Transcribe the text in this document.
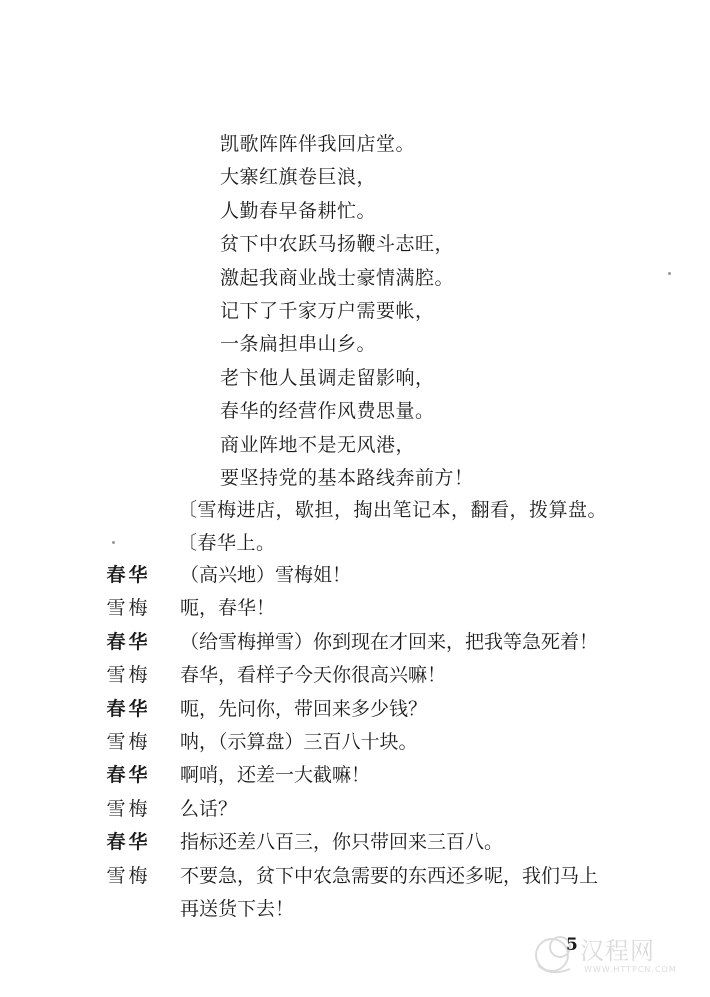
凯歌阵阵伴我回店堂。
大寨红旗卷巨浪，
人勤春早备耕忙。
贫下中农跃马扬鞭斗志旺，
激起我商业战士豪情满腔。
记下了千家万户需要帐，
一条扁担串山乡。
老卞他人虽调走留影响，
春华的经营作风费思量。
商业阵地不是无风港，
要坚持党的基本路线奔前方！
〔雪梅进店，歇担，掏出笔记本，翻看，拨算盘。
〔春华上。
春 华 （高兴地）雪梅姐！
雪 梅 呃，春华！
春 华 （给雪梅掸雪）你到现在才回来，把我等急死着！
雪 梅 春华，看样子今天你很高兴嘛！
春 华 呃，先问你，带回来多少钱？
雪 梅 呐，（示算盘）三百八十块。
春 华 啊哨，还差一大截嘛！
雪 梅 么话？
春 华 指标还差八百三，你只带回来三百八。
雪 梅 不要急，贫下中农急需要的东西还多呢，我们马上再送货下去！
5 汉程网
WWW.HTTPCN.COM
